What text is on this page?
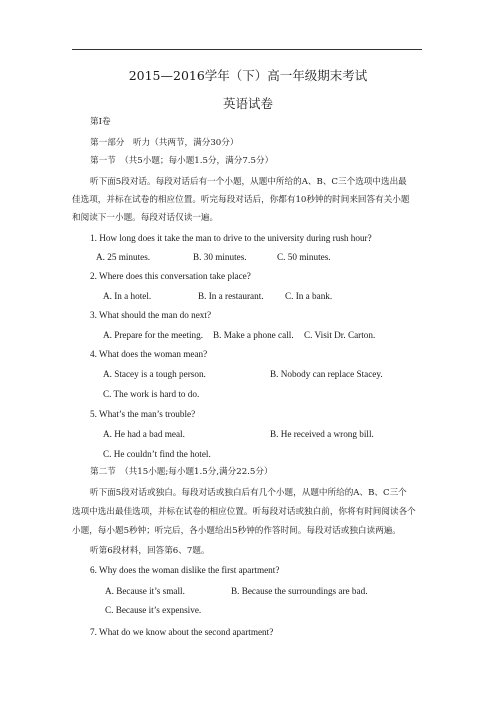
2015—2016学年（下）高一年级期末考试
英语试卷
第I卷
第一部分　听力（共两节，满分30分）
第一节　（共5小题；每小题1.5分，满分7.5分）
听下面5段对话。每段对话后有一个小题，从题中所给的A、B、C三个选项中选出最
佳选项，并标在试卷的相应位置。听完每段对话后，你都有10秒钟的时间来回答有关小题
和阅读下一小题。每段对话仅读一遍。
1. How long does it take the man to drive to the university during rush hour?
A. 25 minutes.	B. 30 minutes.	C. 50 minutes.
2. Where does this conversation take place?
A. In a hotel.	B. In a restaurant. C. In a bank.
3. What should the man do next?
A. Prepare for the meeting. B. Make a phone call. C. Visit Dr. Carton.
4. What does the woman mean?
A. Stacey is a tough person.	B. Nobody can replace Stacey.
C. The work is hard to do.
5. What’s the man’s trouble?
A. He had a bad meal.	B. He received a wrong bill.
C. He couldn’t find the hotel.
第二节　（共15小题;每小题1.5分,满分22.5分）
听下面5段对话或独白。每段对话或独白后有几个小题，从题中所给的A、B、C三个
选项中选出最佳选项，并标在试卷的相应位置。听每段对话或独白前，你将有时间阅读各个
小题，每小题5秒钟；听完后，各小题给出5秒钟的作答时间。每段对话或独白读两遍。
听第6段材料，回答第6、7题。
6. Why does the woman dislike the first apartment?
A. Because it’s small.	B. Because the surroundings are bad.
C. Because it’s expensive.
7. What do we know about the second apartment?
